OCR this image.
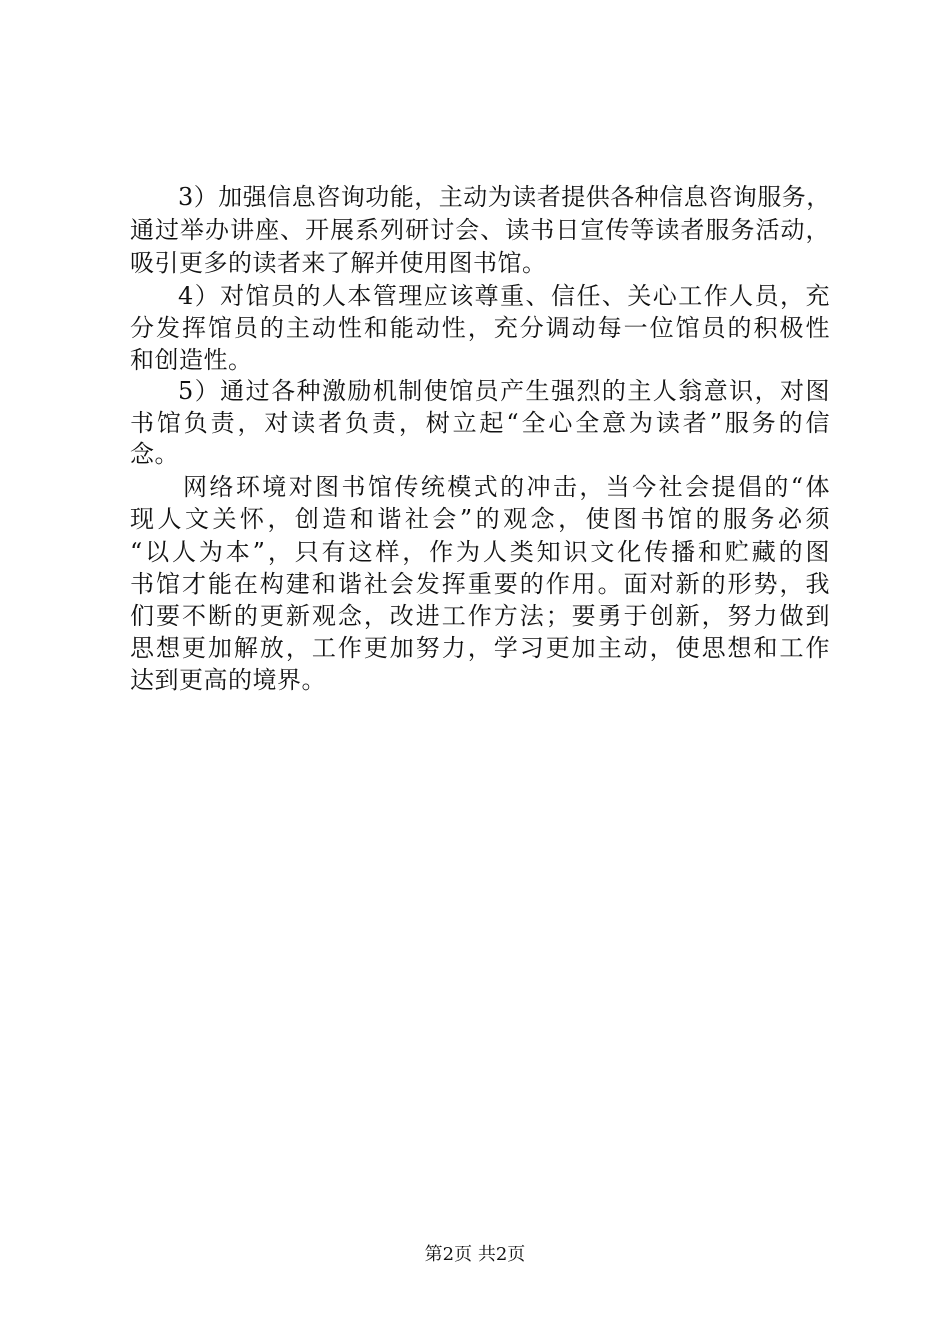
3）加强信息咨询功能，主动为读者提供各种信息咨询服务，
通过举办讲座、开展系列研讨会、读书日宣传等读者服务活动，
吸引更多的读者来了解并使用图书馆。
4）对馆员的人本管理应该尊重、信任、关心工作人员，充
分发挥馆员的主动性和能动性，充分调动每一位馆员的积极性
和创造性。
5）通过各种激励机制使馆员产生强烈的主人翁意识，对图
书馆负责，对读者负责，树立起“全心全意为读者”服务的信
念。
网络环境对图书馆传统模式的冲击，当今社会提倡的“体
现人文关怀，创造和谐社会”的观念，使图书馆的服务必须
“以人为本”，只有这样，作为人类知识文化传播和贮藏的图
书馆才能在构建和谐社会发挥重要的作用。面对新的形势，我
们要不断的更新观念，改进工作方法；要勇于创新，努力做到
思想更加解放，工作更加努力，学习更加主动，使思想和工作
达到更高的境界。
第2页 共2页
